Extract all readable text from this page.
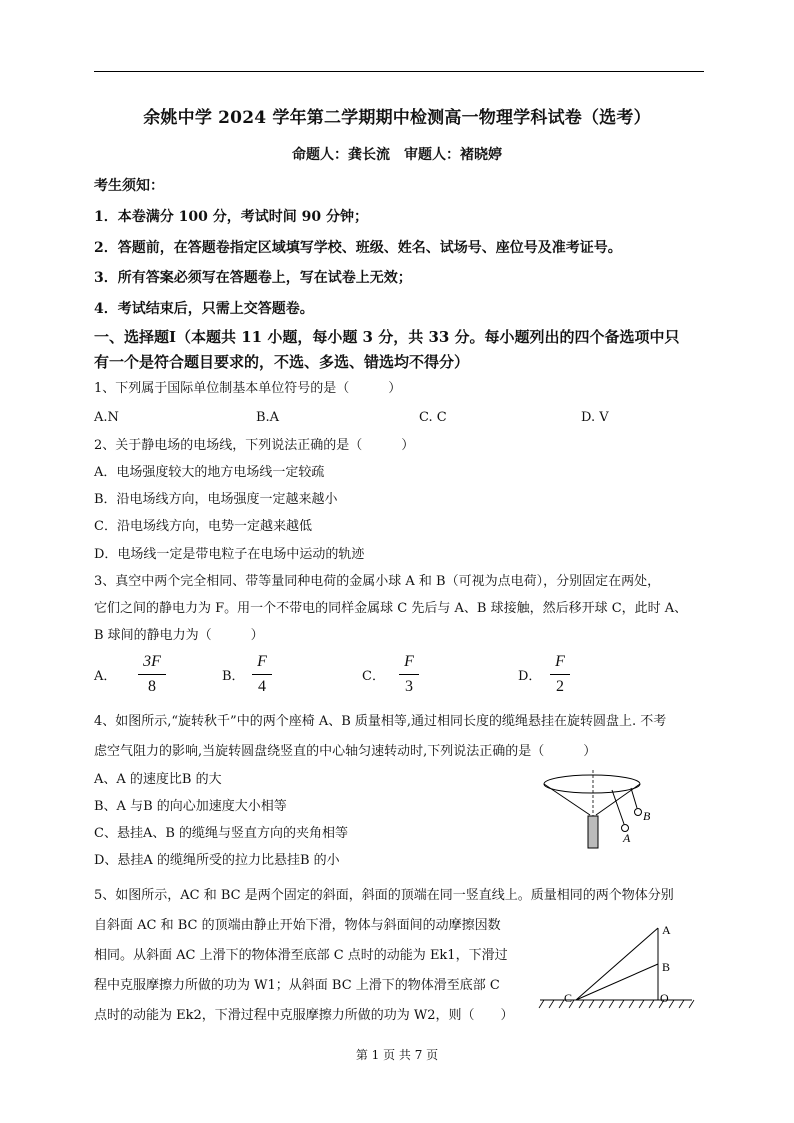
余姚中学 2024 学年第二学期期中检测高一物理学科试卷（选考）
命题人：龚长流　审题人：褚晓婷
考生须知：
1．本卷满分 100 分，考试时间 90 分钟；
2．答题前，在答题卷指定区域填写学校、班级、姓名、试场号、座位号及准考证号。
3．所有答案必须写在答题卷上，写在试卷上无效；
4．考试结束后，只需上交答题卷。
一、选择题Ⅰ（本题共 11 小题，每小题 3 分，共 33 分。每小题列出的四个备选项中只
有一个是符合题目要求的，不选、多选、错选均不得分）
1、下列属于国际单位制基本单位符号的是（　　　）
A.N	B.A	C. C	D. V
2、关于静电场的电场线，下列说法正确的是（　　　）
A．电场强度较大的地方电场线一定较疏
B．沿电场线方向，电场强度一定越来越小
C．沿电场线方向，电势一定越来越低
D．电场线一定是带电粒子在电场中运动的轨迹
3、真空中两个完全相同、带等量同种电荷的金属小球 A 和 B（可视为点电荷），分别固定在两处，
它们之间的静电力为 F。用一个不带电的同样金属球 C 先后与 A、B 球接触，然后移开球 C，此时 A、
B 球间的静电力为（　　　）
A．
3F
8
B．
F
4
C．
F
3
D．
F
2
4、如图所示,“旋转秋千”中的两个座椅 A、B 质量相等,通过相同长度的缆绳悬挂在旋转圆盘上. 不考
虑空气阻力的影响,当旋转圆盘绕竖直的中心轴匀速转动时,下列说法正确的是（　　　）
A、A 的速度比B 的大
B、A 与B 的向心加速度大小相等
C、悬挂A、B 的缆绳与竖直方向的夹角相等
D、悬挂A 的缆绳所受的拉力比悬挂B 的小
A
B
5、如图所示，AC 和 BC 是两个固定的斜面，斜面的顶端在同一竖直线上。质量相同的两个物体分别
自斜面 AC 和 BC 的顶端由静止开始下滑，物体与斜面间的动摩擦因数
相同。从斜面 AC 上滑下的物体滑至底部 C 点时的动能为 Ek1，下滑过
程中克服摩擦力所做的功为 W1；从斜面 BC 上滑下的物体滑至底部 C
点时的动能为 Ek2，下滑过程中克服摩擦力所做的功为 W2，则（　　）
A
B
C	O
第 1 页 共 7 页
